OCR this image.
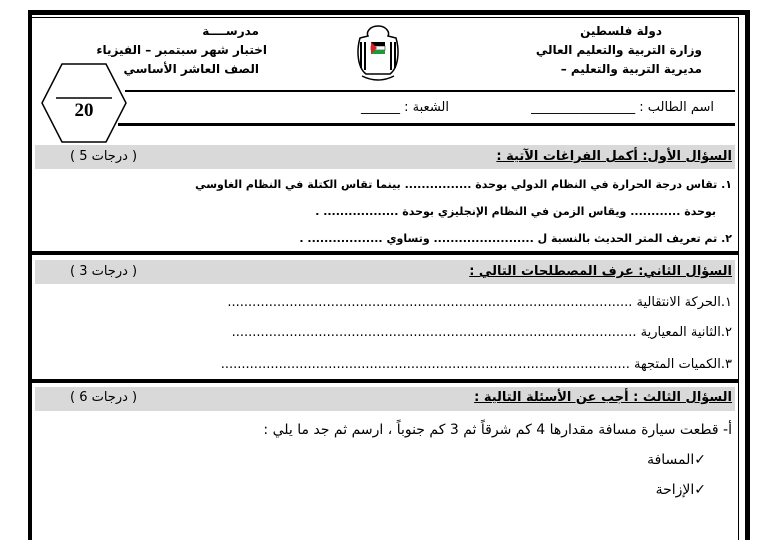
دولة فلسطين
وزارة التربية والتعليم العالي
مديرية التربية والتعليم –
مدرســــة
اختبار شهر سبتمبر – الفيزياء
الصف العاشر الأساسي
اسم الطالب : ________________
الشعبة : ______
20
السؤال الأول: أكمل الفراغات الآتية :
( 5 درجات )
١. تقاس درجة الحرارة في النظام الدولي بوحدة ................ بينما تقاس الكتلة في النظام الغاوسي
بوحدة ............ ويقاس الزمن في النظام الإنجليزي بوحدة .................. .
٢. تم تعريف المتر الحديث بالنسبة ل ........................ وتساوي .................. .
السؤال الثاني: عرف المصطلحات التالي :
( 3 درجات )
١.الحركة الانتقالية ..................................................................................................
٢.الثانية المعيارية ..................................................................................................
٣.الكميات المتجهة ...................................................................................................
السؤال الثالث : أجب عن الأسئلة التالية :
( 6 درجات )
أ- قطعت سيارة مسافة مقدارها 4 كم شرقاً ثم 3 كم جنوباً ، ارسم ثم جد ما يلي :
✓المسافة
✓الإزاحة
